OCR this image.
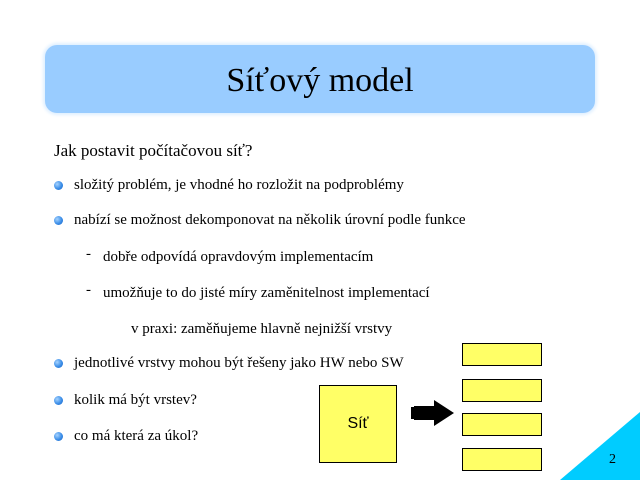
Síťový model
Jak postavit počítačovou síť?
složitý problém, je vhodné ho rozložit na podproblémy
nabízí se možnost dekomponovat na několik úrovní podle funkce
- dobře odpovídá opravdovým implementacím
- umožňuje to do jisté míry zaměnitelnost implementací
v praxi: zaměňujeme hlavně nejnižší vrstvy
jednotlivé vrstvy mohou být řešeny jako HW nebo SW
kolik má být vrstev?
co má která za úkol?
Síť
2
